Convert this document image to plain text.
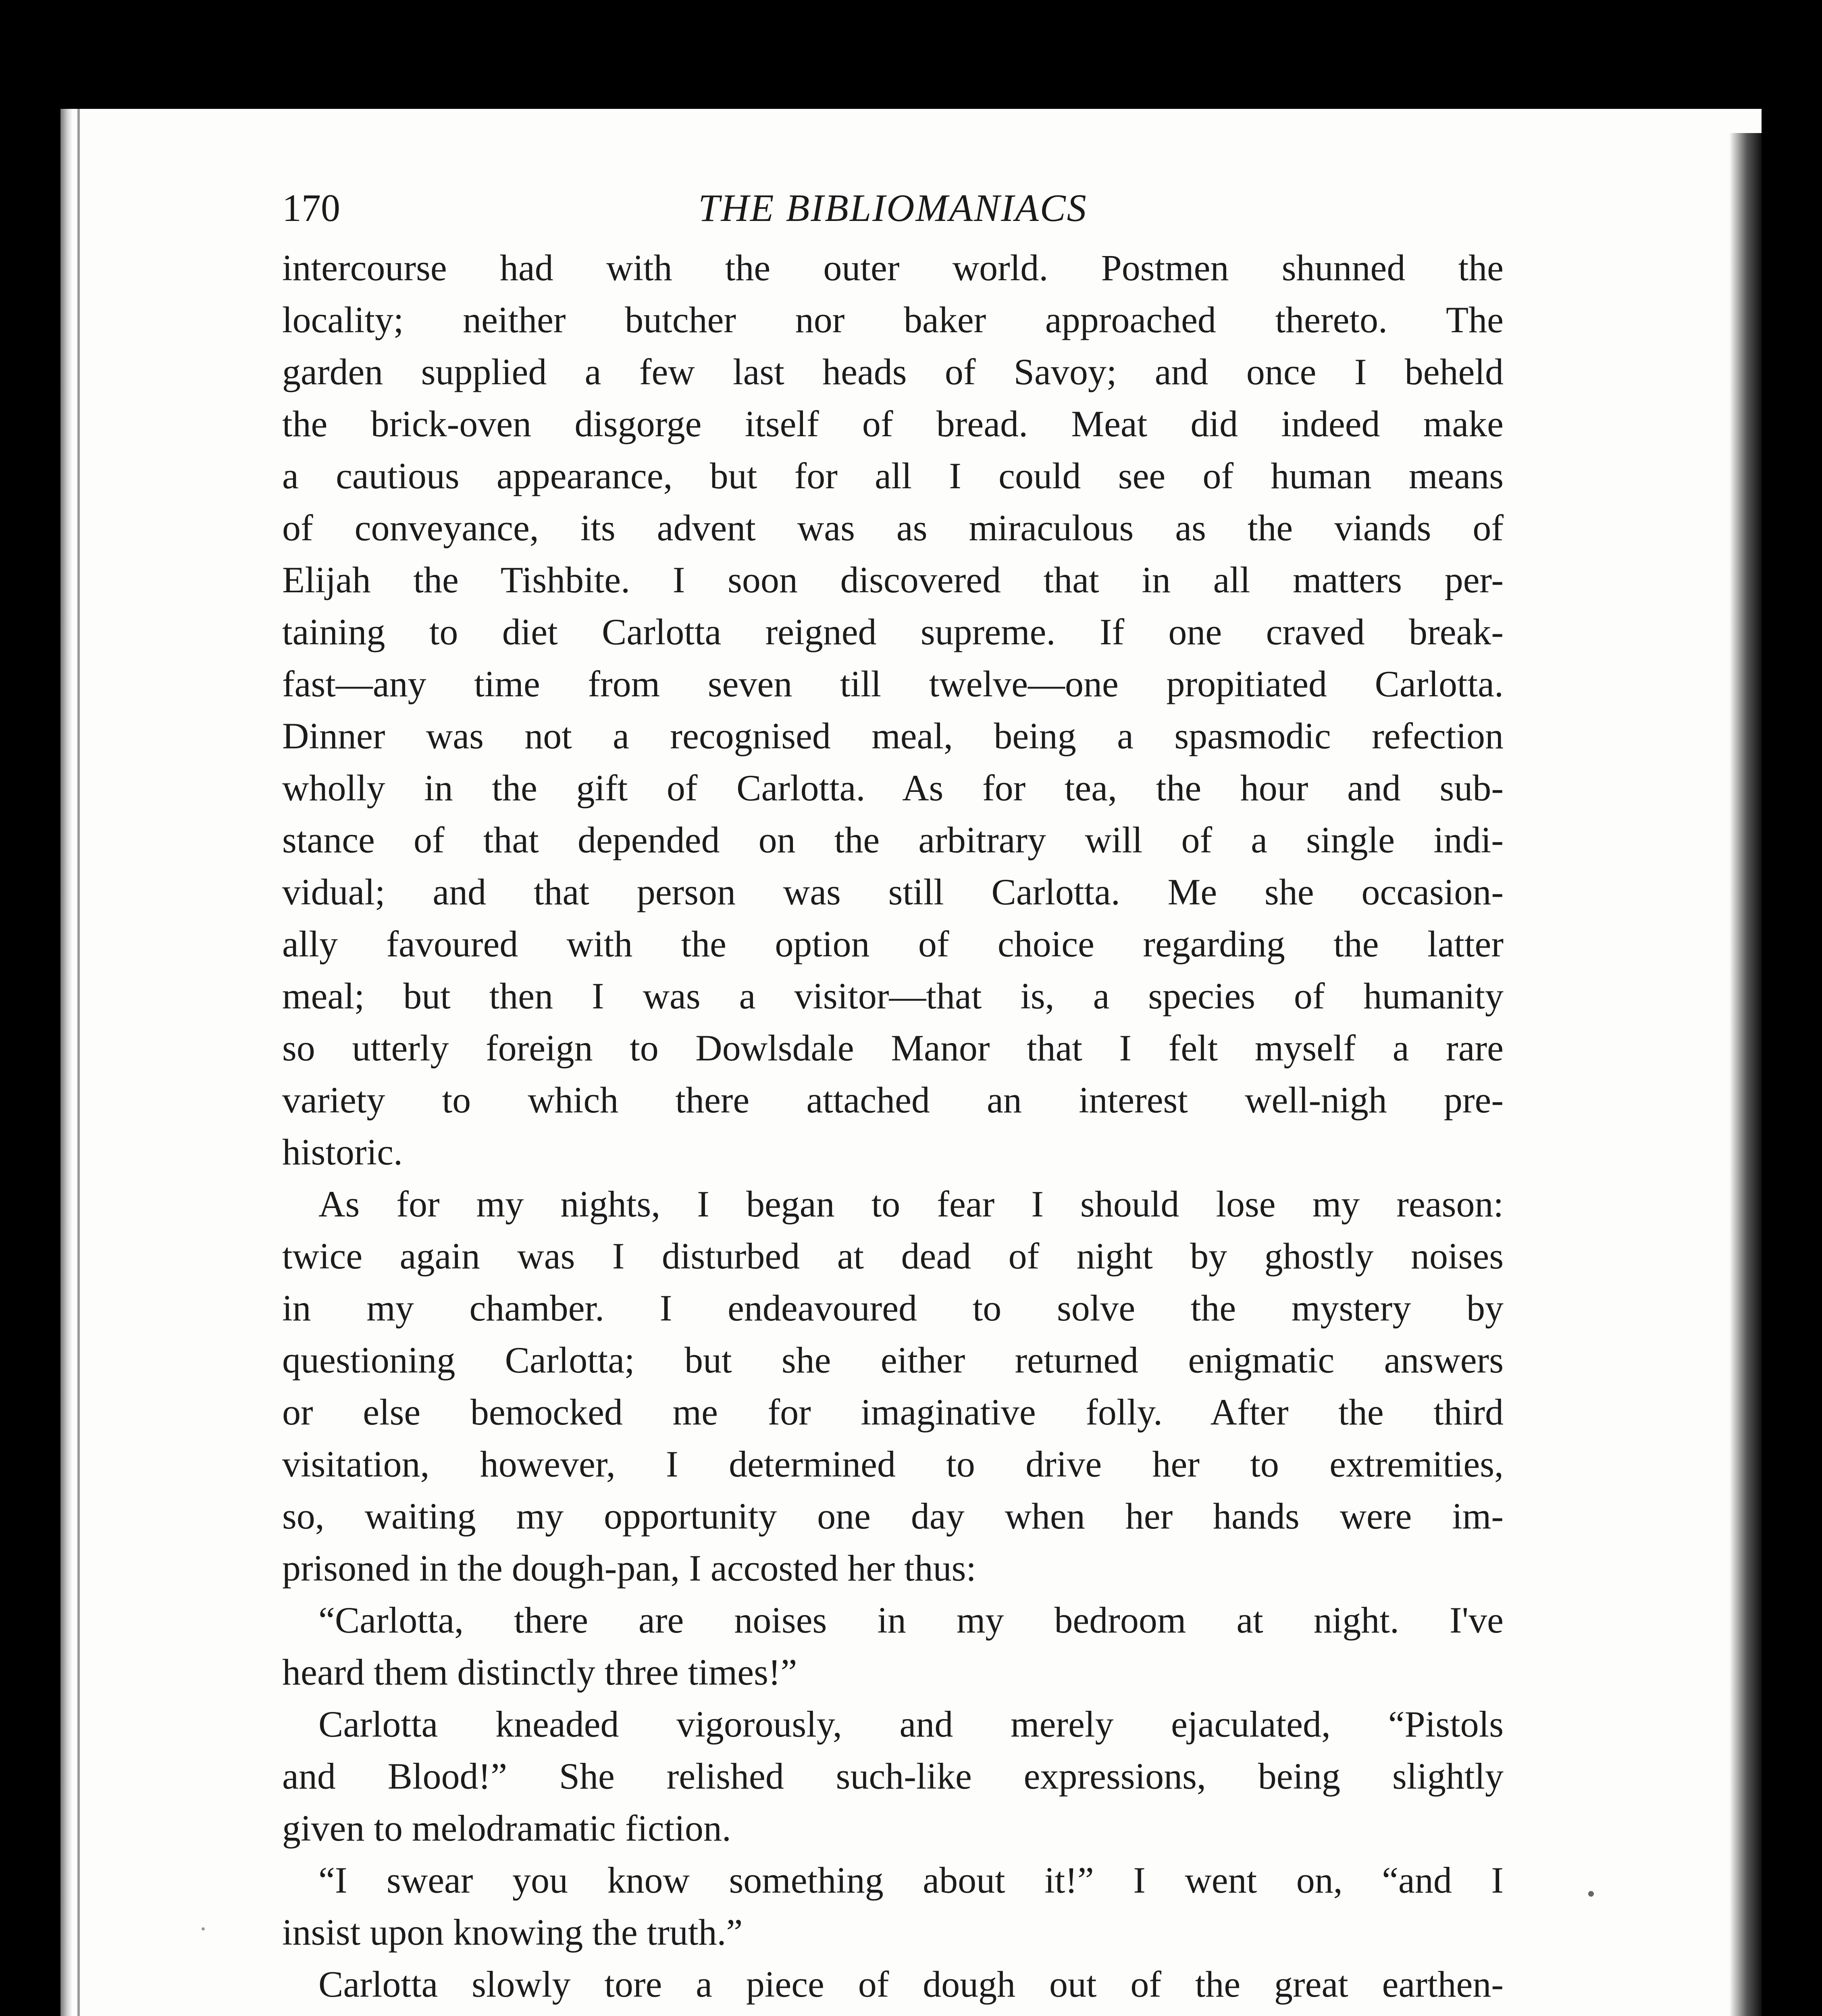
170	THE BIBLIOMANIACS
intercourse had with the outer world. Postmen shunned the
locality; neither butcher nor baker approached thereto. The
garden supplied a few last heads of Savoy; and once I beheld
the brick-oven disgorge itself of bread. Meat did indeed make
a cautious appearance, but for all I could see of human means
of conveyance, its advent was as miraculous as the viands of
Elijah the Tishbite. I soon discovered that in all matters per-
taining to diet Carlotta reigned supreme. If one craved break-
fast—any time from seven till twelve—one propitiated Carlotta.
Dinner was not a recognised meal, being a spasmodic refection
wholly in the gift of Carlotta. As for tea, the hour and sub-
stance of that depended on the arbitrary will of a single indi-
vidual; and that person was still Carlotta. Me she occasion-
ally favoured with the option of choice regarding the latter
meal; but then I was a visitor—that is, a species of humanity
so utterly foreign to Dowlsdale Manor that I felt myself a rare
variety to which there attached an interest well-nigh pre-
historic.
As for my nights, I began to fear I should lose my reason:
twice again was I disturbed at dead of night by ghostly noises
in my chamber. I endeavoured to solve the mystery by
questioning Carlotta; but she either returned enigmatic answers
or else bemocked me for imaginative folly. After the third
visitation, however, I determined to drive her to extremities,
so, waiting my opportunity one day when her hands were im-
prisoned in the dough-pan, I accosted her thus:
“Carlotta, there are noises in my bedroom at night. I've
heard them distinctly three times!”
Carlotta kneaded vigorously, and merely ejaculated, “Pistols
and Blood!” She relished such-like expressions, being slightly
given to melodramatic fiction.
“I swear you know something about it!” I went on, “and I
insist upon knowing the truth.”
Carlotta slowly tore a piece of dough out of the great earthen-
